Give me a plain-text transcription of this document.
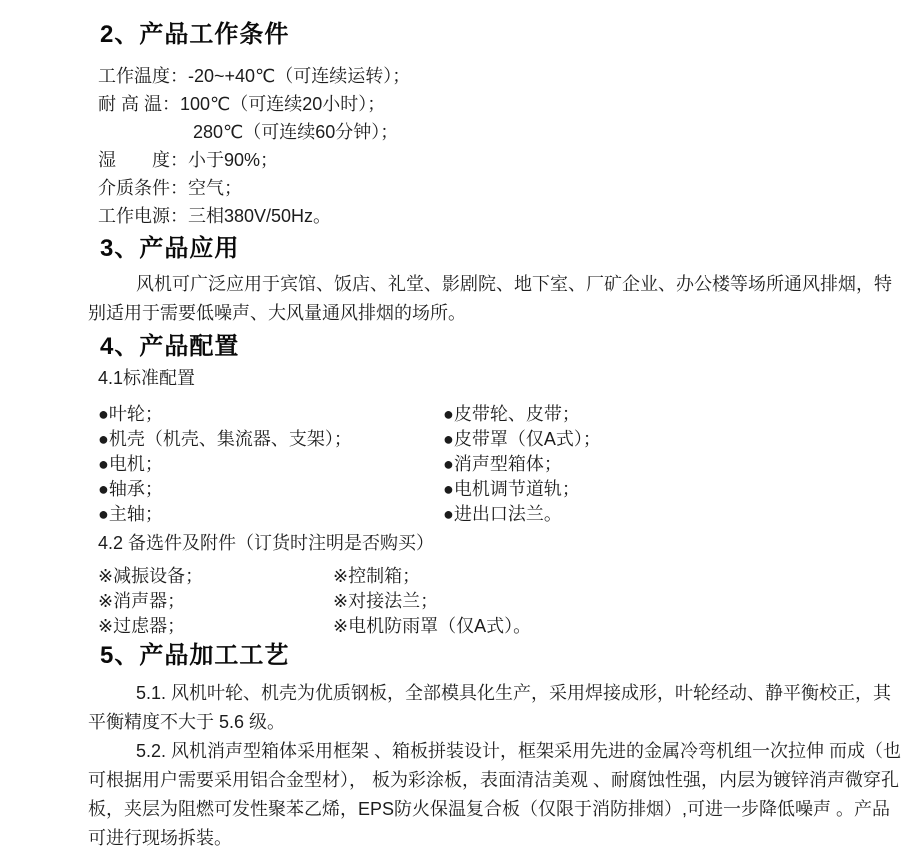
2、产品工作条件
工作温度：-20~+40℃（可连续运转）；
耐 高 温：100℃（可连续20小时）；
280℃（可连续60分钟）；
湿　　度：小于90%；
介质条件：空气；
工作电源：三相380V/50Hz。
3、产品应用

风机可广泛应用于宾馆、饭店、礼堂、影剧院、地下室、厂矿企业、办公楼等场所通风排烟，特别适用于需要低噪声、大风量通风排烟的场所。

4、产品配置
4.1标准配置
●叶轮；
●机壳（机壳、集流器、支架）；
●电机；
●轴承；
●主轴；
●皮带轮、皮带；
●皮带罩（仅A式）；
●消声型箱体；
●电机调节道轨；
●进出口法兰。
4.2 备选件及附件（订货时注明是否购买）
※减振设备；
※消声器；
※过虑器；
※控制箱；
※对接法兰；
※电机防雨罩（仅A式）。
5、产品加工工艺

5.1. 风机叶轮、机壳为优质钢板，全部模具化生产，采用焊接成形，叶轮经动、静平衡校正，其平衡精度不大于 5.6 级。

5.2. 风机消声型箱体采用框架 、箱板拼装设计，框架采用先进的金属冷弯机组一次拉伸 而成（也可根据用户需要采用铝合金型材）， 板为彩涂板，表面清洁美观 、耐腐蚀性强，内层为镀锌消声微穿孔板，夹层为阻燃可发性聚苯乙烯，EPS防火保温复合板（仅限于消防排烟）,可进一步降低噪声 。产品可进行现场拆装。
